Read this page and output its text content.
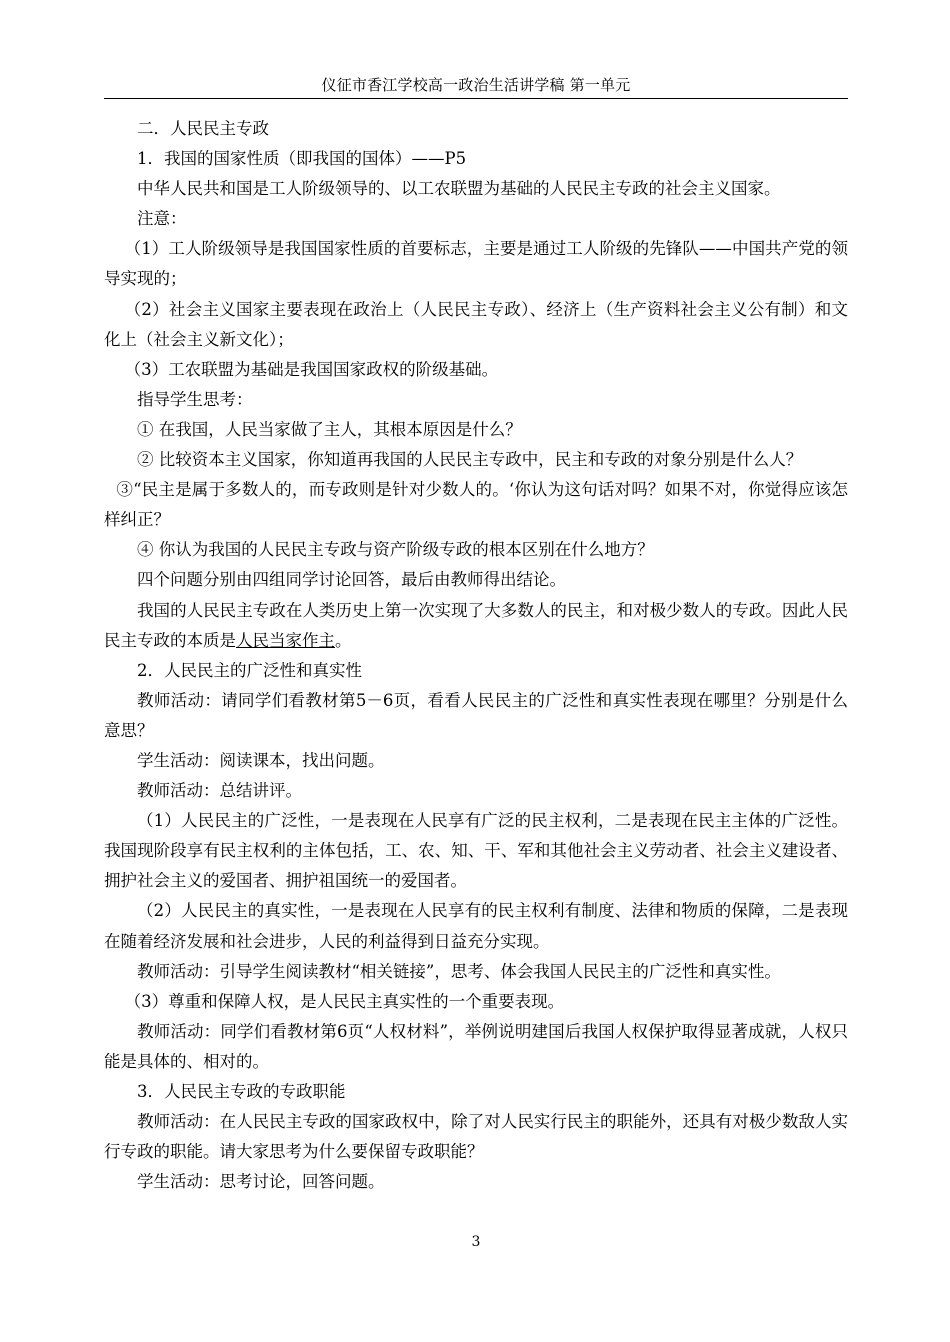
仪征市香江学校高一政治生活讲学稿 第一单元

二．人民民主专政

1．我国的国家性质（即我国的国体）——P5

中华人民共和国是工人阶级领导的、以工农联盟为基础的人民民主专政的社会主义国家。

注意：

（1）工人阶级领导是我国国家性质的首要标志，主要是通过工人阶级的先锋队——中国共产党的领导实现的；

（2）社会主义国家主要表现在政治上（人民民主专政）、经济上（生产资料社会主义公有制）和文化上（社会主义新文化）；

（3）工农联盟为基础是我国国家政权的阶级基础。

指导学生思考：

① 在我国，人民当家做了主人，其根本原因是什么？

② 比较资本主义国家，你知道再我国的人民民主专政中，民主和专政的对象分别是什么人？

③“民主是属于多数人的，而专政则是针对少数人的。‘你认为这句话对吗？如果不对，你觉得应该怎样纠正？

④ 你认为我国的人民民主专政与资产阶级专政的根本区别在什么地方？

四个问题分别由四组同学讨论回答，最后由教师得出结论。

我国的人民民主专政在人类历史上第一次实现了大多数人的民主，和对极少数人的专政。因此人民民主专政的本质是人民当家作主。

2．人民民主的广泛性和真实性

教师活动：请同学们看教材第5－6页，看看人民民主的广泛性和真实性表现在哪里？分别是什么意思？

学生活动：阅读课本，找出问题。

教师活动：总结讲评。

（1）人民民主的广泛性，一是表现在人民享有广泛的民主权利，二是表现在民主主体的广泛性。我国现阶段享有民主权利的主体包括，工、农、知、干、军和其他社会主义劳动者、社会主义建设者、拥护社会主义的爱国者、拥护祖国统一的爱国者。

（2）人民民主的真实性，一是表现在人民享有的民主权利有制度、法律和物质的保障，二是表现在随着经济发展和社会进步，人民的利益得到日益充分实现。

教师活动：引导学生阅读教材“相关链接”，思考、体会我国人民民主的广泛性和真实性。

（3）尊重和保障人权，是人民民主真实性的一个重要表现。

教师活动：同学们看教材第6页“人权材料”，举例说明建国后我国人权保护取得显著成就，人权只能是具体的、相对的。

3．人民民主专政的专政职能

教师活动：在人民民主专政的国家政权中，除了对人民实行民主的职能外，还具有对极少数敌人实行专政的职能。请大家思考为什么要保留专政职能？

学生活动：思考讨论，回答问题。

3
